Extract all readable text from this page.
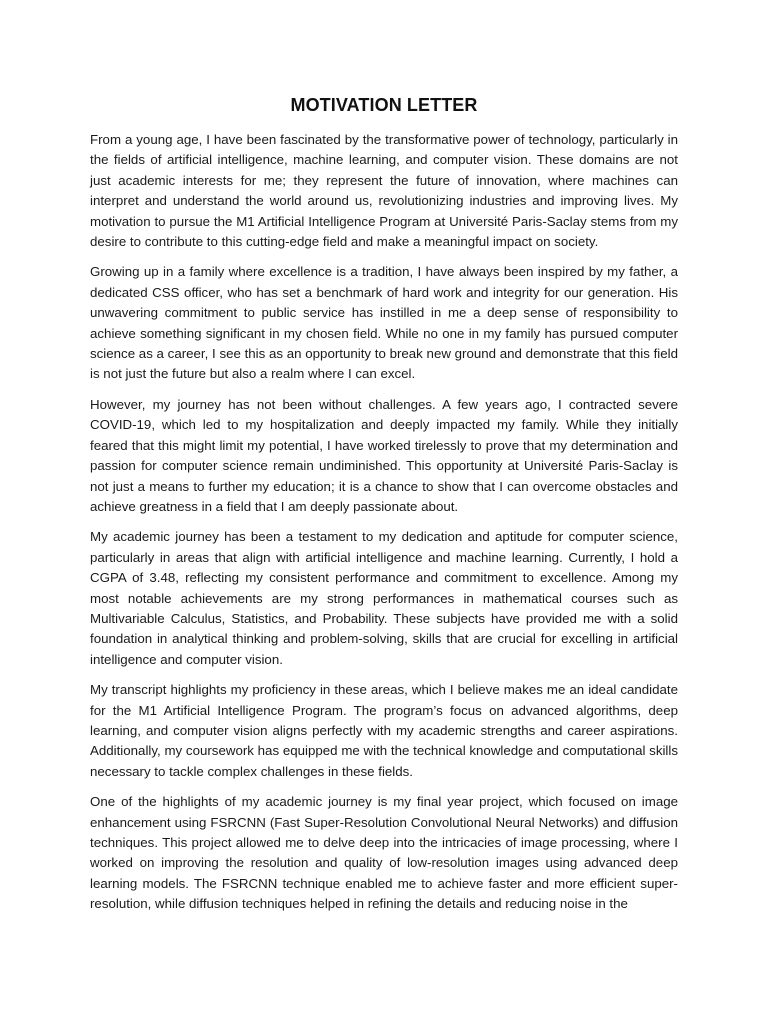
MOTIVATION LETTER

From a young age, I have been fascinated by the transformative power of technology, particularly in the fields of artificial intelligence, machine learning, and computer vision. These domains are not just academic interests for me; they represent the future of innovation, where machines can interpret and understand the world around us, revolutionizing industries and improving lives. My motivation to pursue the M1 Artificial Intelligence Program at Université Paris-Saclay stems from my desire to contribute to this cutting-edge field and make a meaningful impact on society.

Growing up in a family where excellence is a tradition, I have always been inspired by my father, a dedicated CSS officer, who has set a benchmark of hard work and integrity for our generation. His unwavering commitment to public service has instilled in me a deep sense of responsibility to achieve something significant in my chosen field. While no one in my family has pursued computer science as a career, I see this as an opportunity to break new ground and demonstrate that this field is not just the future but also a realm where I can excel.

However, my journey has not been without challenges. A few years ago, I contracted severe COVID-19, which led to my hospitalization and deeply impacted my family. While they initially feared that this might limit my potential, I have worked tirelessly to prove that my determination and passion for computer science remain undiminished. This opportunity at Université Paris-Saclay is not just a means to further my education; it is a chance to show that I can overcome obstacles and achieve greatness in a field that I am deeply passionate about.

My academic journey has been a testament to my dedication and aptitude for computer science, particularly in areas that align with artificial intelligence and machine learning. Currently, I hold a CGPA of 3.48, reflecting my consistent performance and commitment to excellence. Among my most notable achievements are my strong performances in mathematical courses such as Multivariable Calculus, Statistics, and Probability. These subjects have provided me with a solid foundation in analytical thinking and problem-solving, skills that are crucial for excelling in artificial intelligence and computer vision.

My transcript highlights my proficiency in these areas, which I believe makes me an ideal candidate for the M1 Artificial Intelligence Program. The program’s focus on advanced algorithms, deep learning, and computer vision aligns perfectly with my academic strengths and career aspirations. Additionally, my coursework has equipped me with the technical knowledge and computational skills necessary to tackle complex challenges in these fields.

One of the highlights of my academic journey is my final year project, which focused on image enhancement using FSRCNN (Fast Super-Resolution Convolutional Neural Networks) and diffusion techniques. This project allowed me to delve deep into the intricacies of image processing, where I worked on improving the resolution and quality of low-resolution images using advanced deep learning models. The FSRCNN technique enabled me to achieve faster and more efficient super-resolution, while diffusion techniques helped in refining the details and reducing noise in the
